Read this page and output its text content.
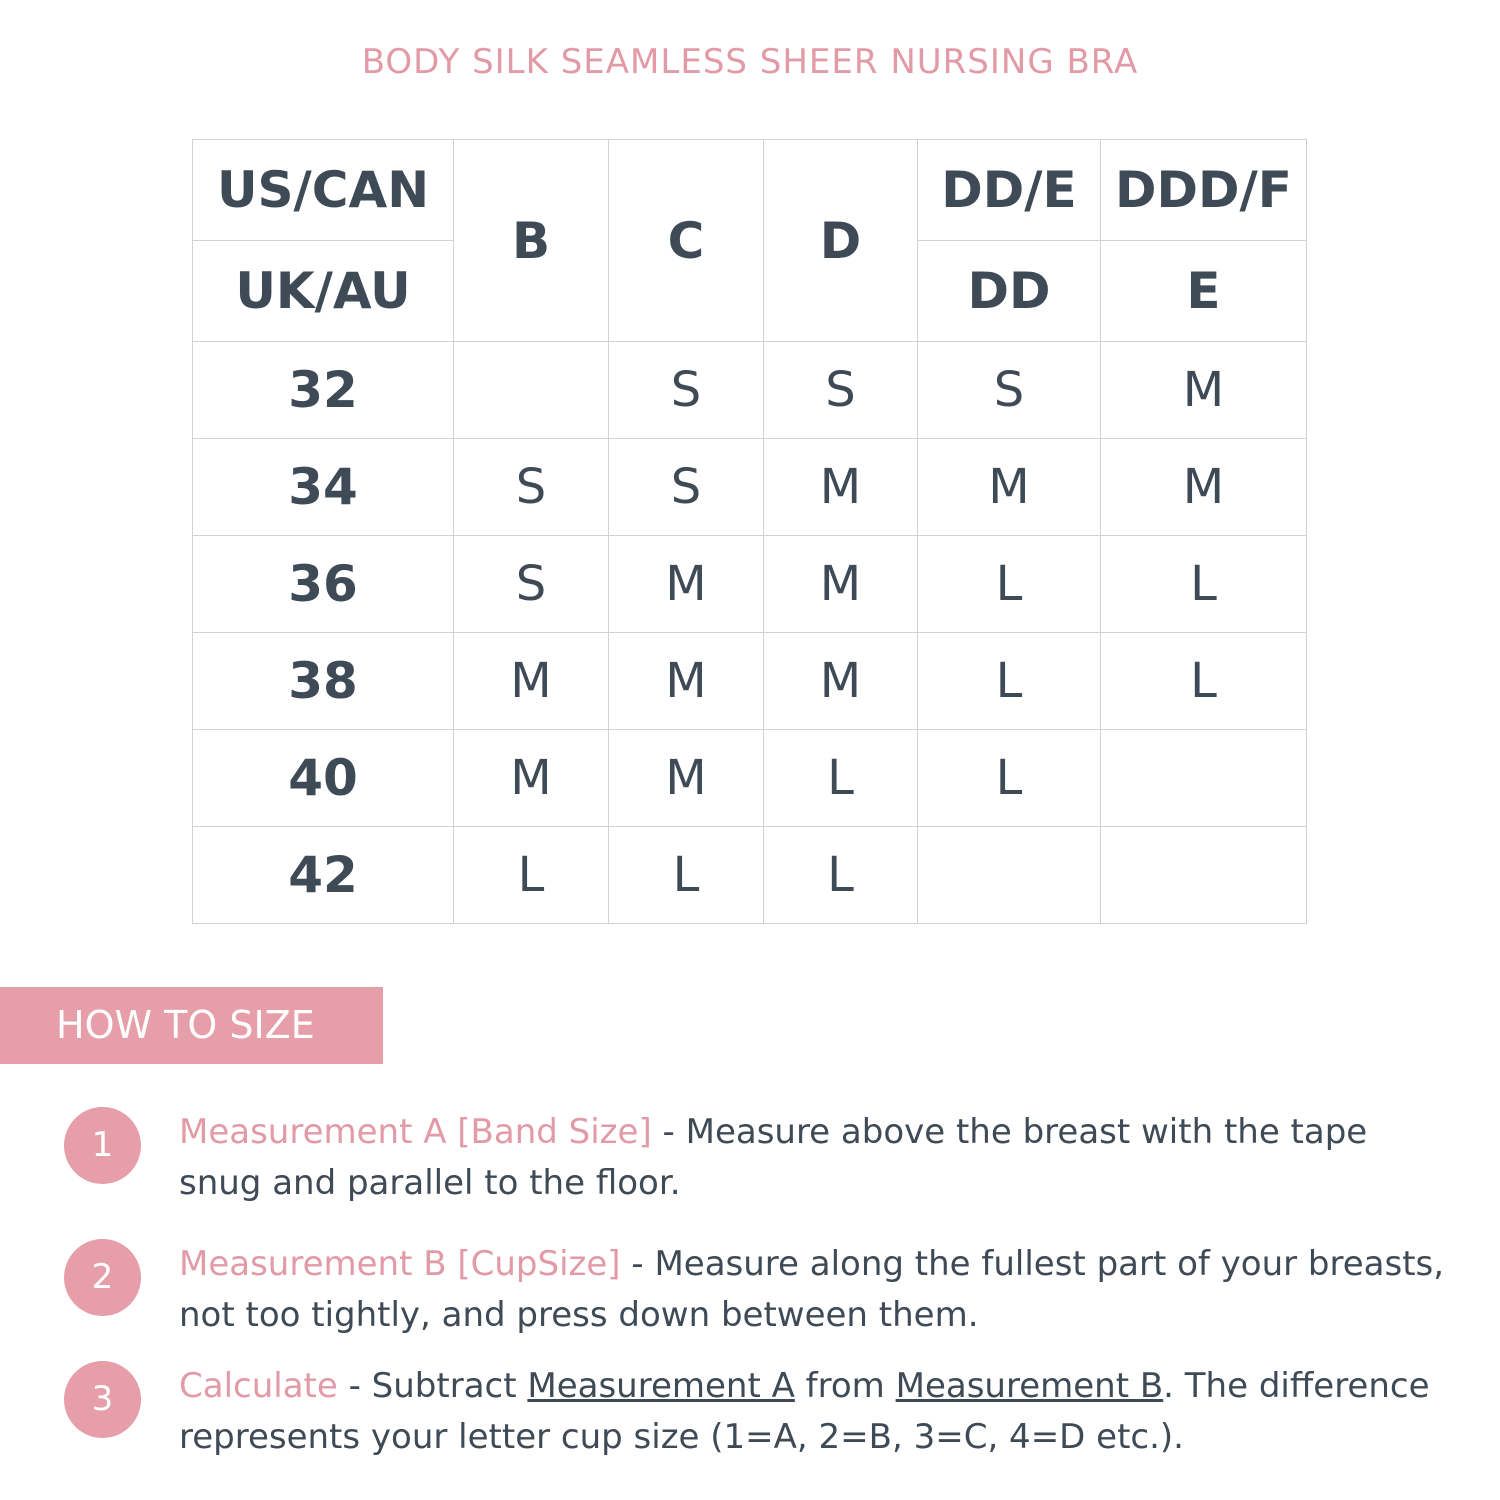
BODY SILK SEAMLESS SHEER NURSING BRA
US/CAN	B	C	D	DD/E	DDD/F
UK/AU				DD	E
32		S	S	S	M
34	S	S	M	M	M
36	S	M	M	L	L
38	M	M	M	L	L
40	M	M	L	L	
42	L	L	L		
HOW TO SIZE
1	Measurement A [Band Size] - Measure above the breast with the tape snug and parallel to the floor.
2	Measurement B [CupSize] - Measure along the fullest part of your breasts, not too tightly, and press down between them.
3	Calculate - Subtract Measurement A from Measurement B. The difference represents your letter cup size (1=A, 2=B, 3=C, 4=D etc.).
